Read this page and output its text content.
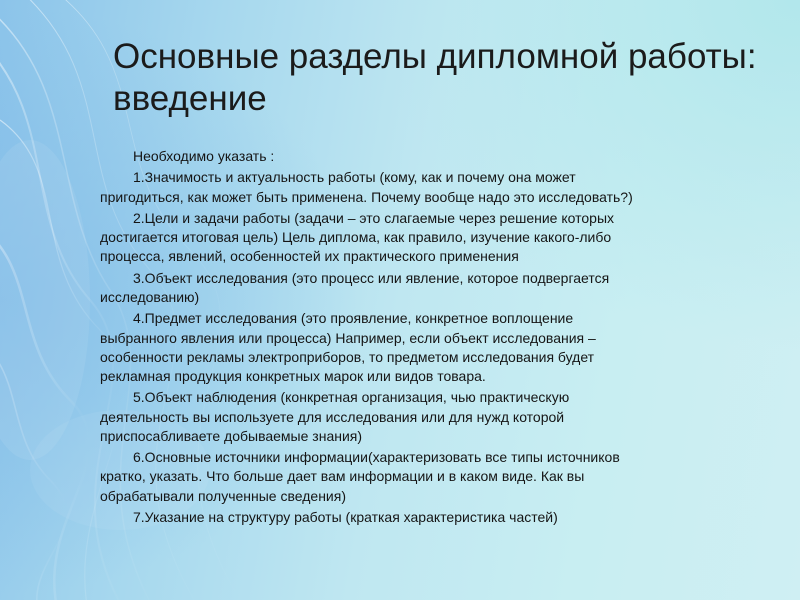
Основные разделы дипломной работы:
введение

Необходимо указать :

1.Значимость и актуальность работы (кому, как и почему она может
пригодиться, как может быть применена. Почему вообще надо это исследовать?)

2.Цели и задачи работы (задачи – это слагаемые через решение которых
достигается итоговая цель) Цель диплома, как правило, изучение какого-либо
процесса, явлений, особенностей их практического применения

3.Объект исследования (это процесс или явление, которое подвергается
исследованию)

4.Предмет исследования (это проявление, конкретное воплощение
выбранного явления или процесса) Например, если объект исследования –
особенности рекламы электроприборов, то предметом исследования будет
рекламная продукция конкретных марок или видов товара.

5.Объект наблюдения (конкретная организация, чью практическую
деятельность вы используете для исследования или для нужд которой
приспосабливаете добываемые знания)

6.Основные источники информации(характеризовать все типы источников
кратко, указать. Что больше дает вам информации и в каком виде. Как вы
обрабатывали полученные сведения)

7.Указание на структуру работы (краткая характеристика частей)
